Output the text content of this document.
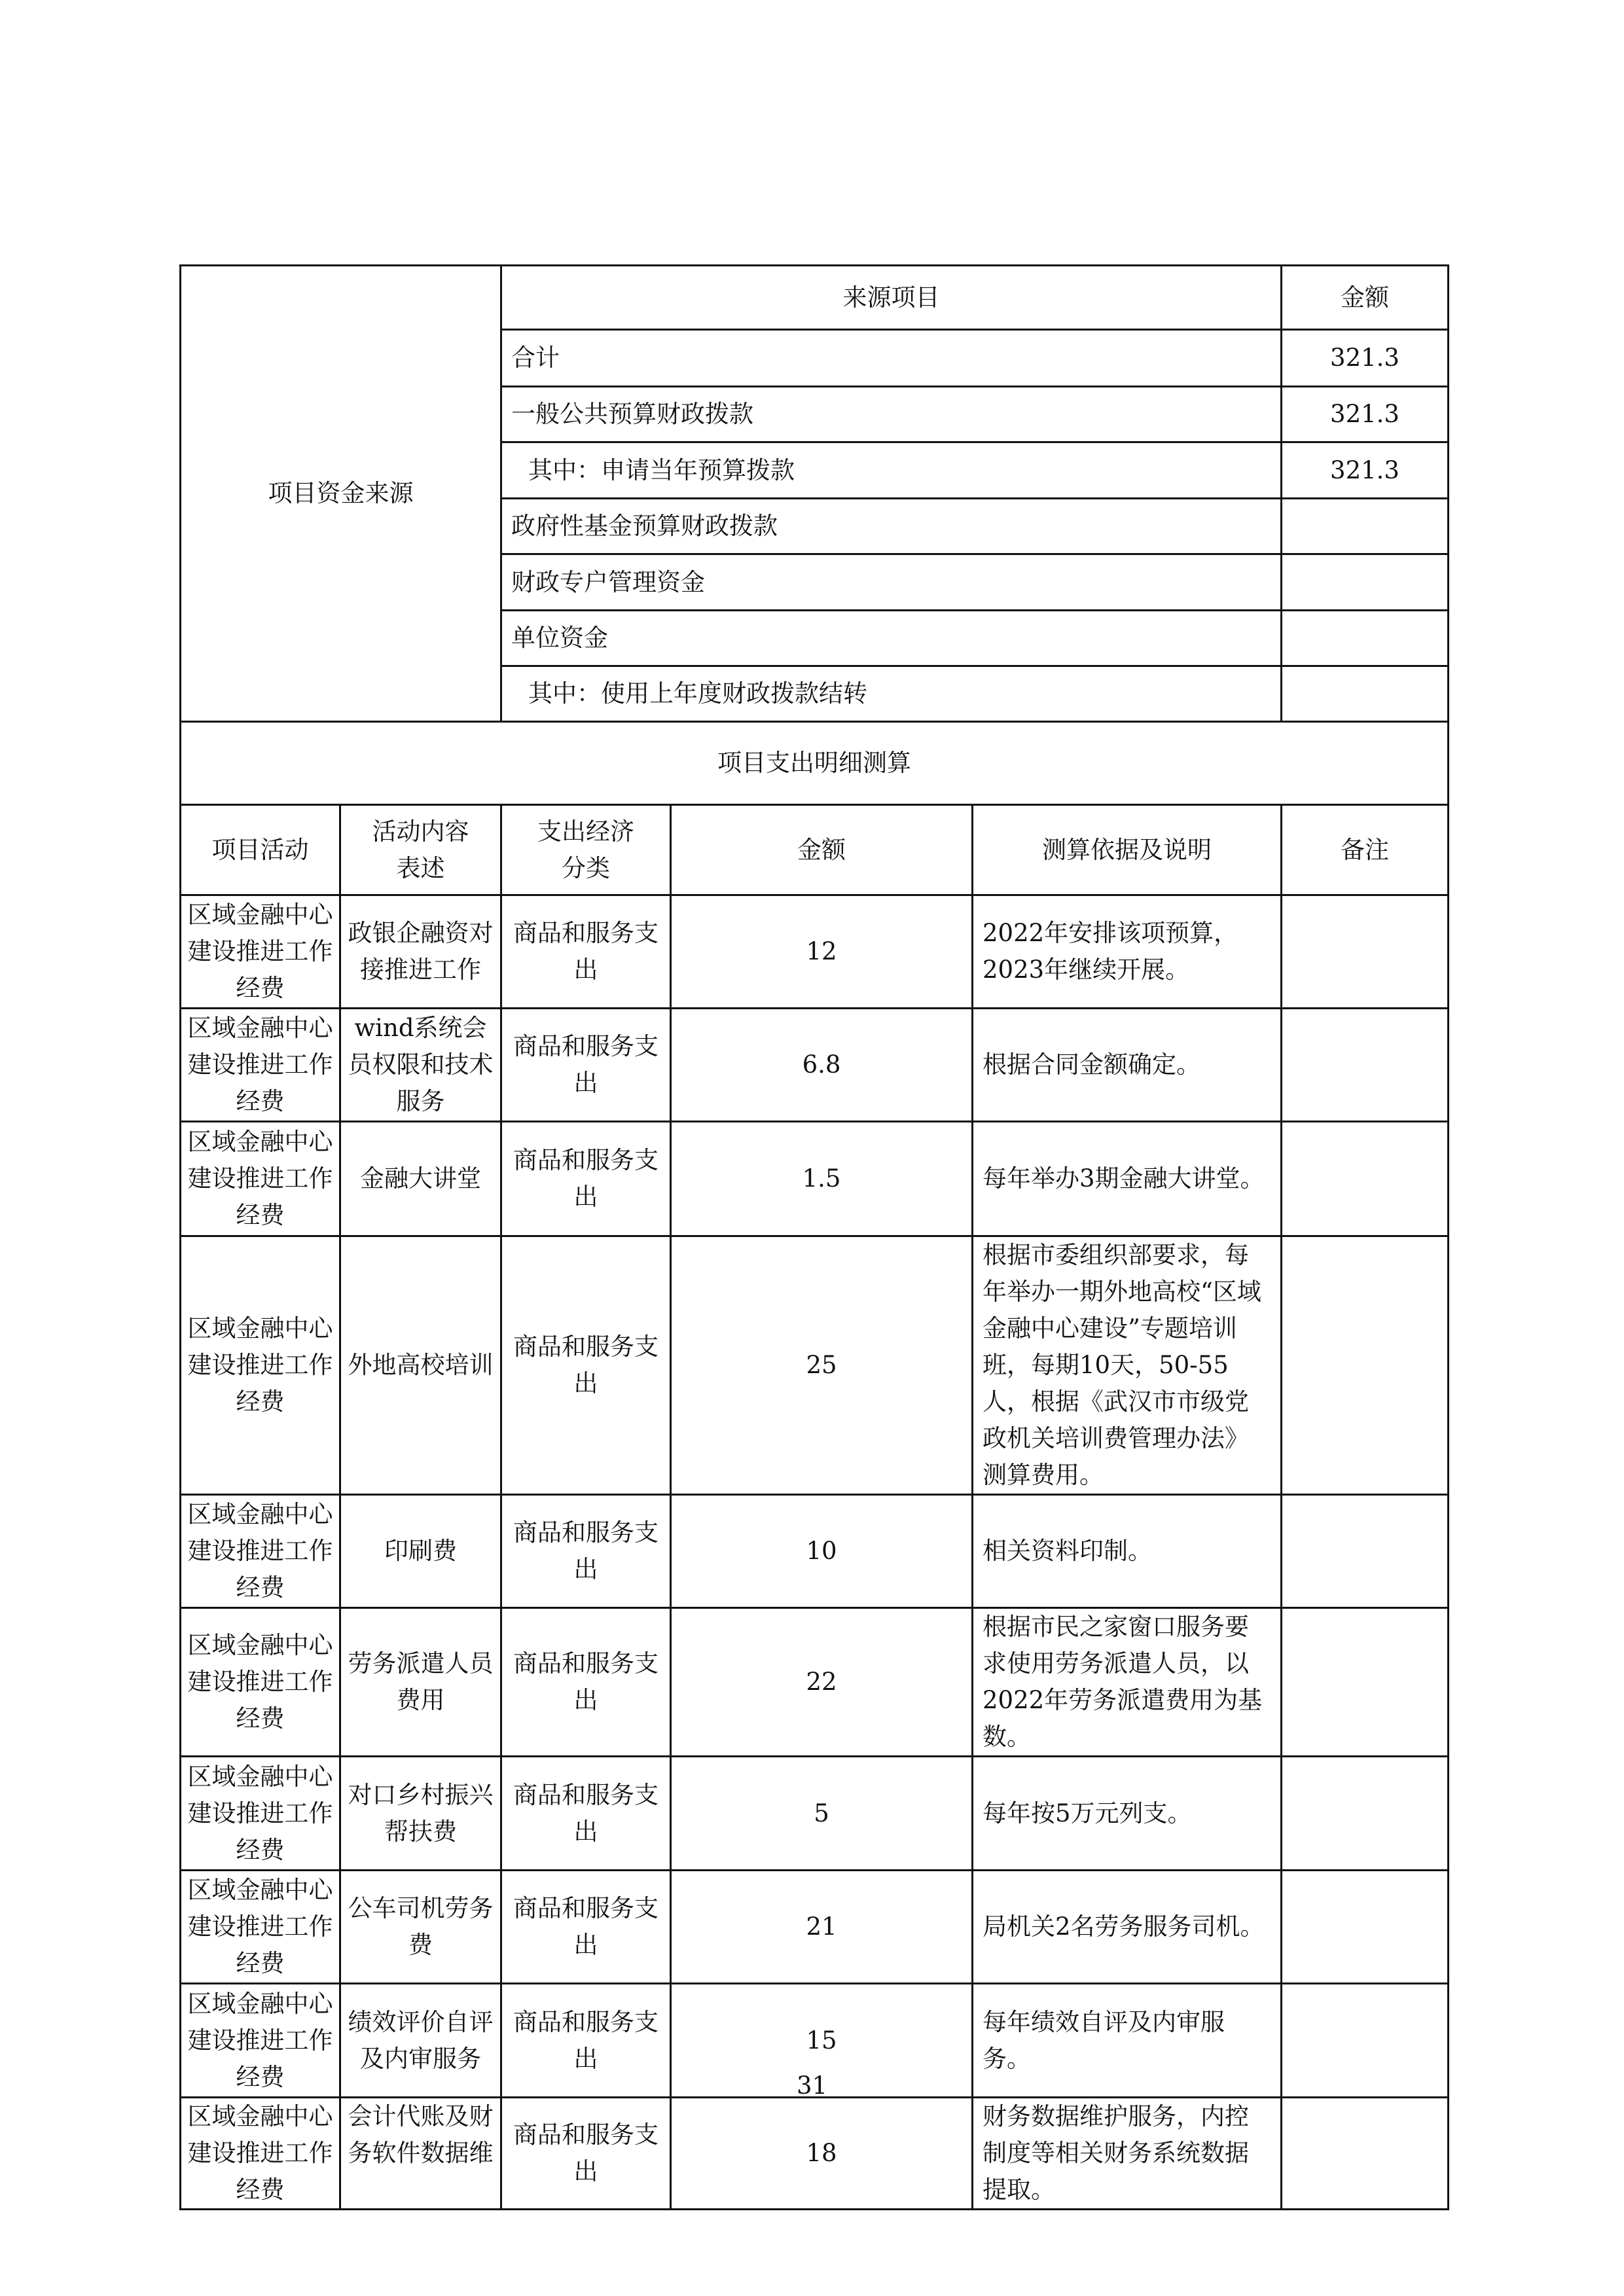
项目资金来源		来源项目			金额
		合计			321.3
		一般公共预算财政拨款			321.3
		其中：申请当年预算拨款			321.3
		政府性基金预算财政拨款			
		财政专户管理资金			
		单位资金			
		其中：使用上年度财政拨款结转			
项目支出明细测算					
项目活动	活动内容表述	支出经济分类	金额	测算依据及说明	备注
区域金融中心建设推进工作经费	政银企融资对接推进工作	商品和服务支出	12	2022年安排该项预算，2023年继续开展。	
区域金融中心建设推进工作经费	wind系统会员权限和技术服务	商品和服务支出	6.8	根据合同金额确定。	
区域金融中心建设推进工作经费	金融大讲堂	商品和服务支出	1.5	每年举办3期金融大讲堂。	
区域金融中心建设推进工作经费	外地高校培训	商品和服务支出	25	根据市委组织部要求，每年举办一期外地高校“区域金融中心建设”专题培训班，每期10天，50-55人，根据《武汉市市级党政机关培训费管理办法》测算费用。	
区域金融中心建设推进工作经费	印刷费	商品和服务支出	10	相关资料印制。	
区域金融中心建设推进工作经费	劳务派遣人员费用	商品和服务支出	22	根据市民之家窗口服务要求使用劳务派遣人员，以2022年劳务派遣费用为基数。	
区域金融中心建设推进工作经费	对口乡村振兴帮扶费	商品和服务支出	5	每年按5万元列支。	
区域金融中心建设推进工作经费	公车司机劳务费	商品和服务支出	21	局机关2名劳务服务司机。	
区域金融中心建设推进工作经费	绩效评价自评及内审服务	商品和服务支出	15	每年绩效自评及内审服务。	
区域金融中心建设推进工作经费	会计代账及财务软件数据维	商品和服务支出	18	财务数据维护服务，内控制度等相关财务系统数据提取。	
31
